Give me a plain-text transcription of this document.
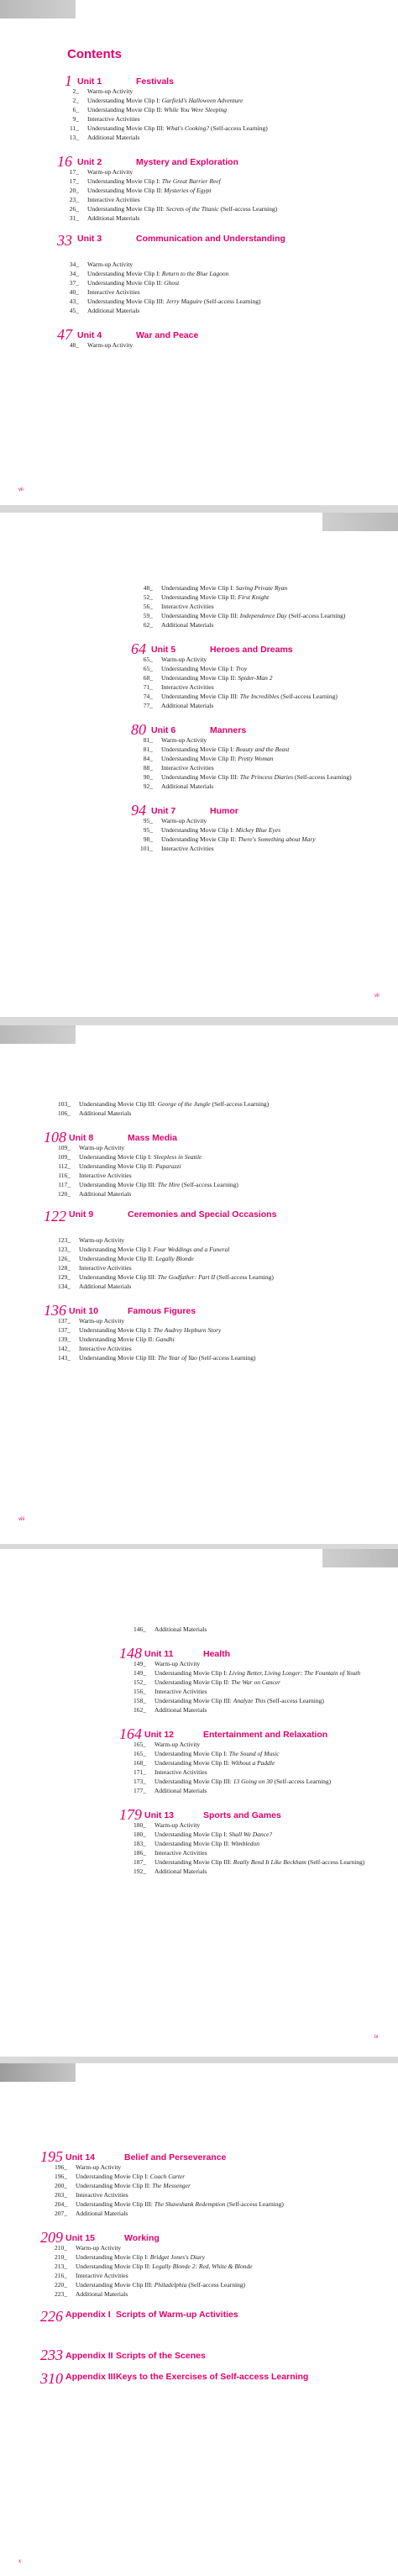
Contents
1 Unit 1	Festivals
2 _	Warm-up Activity
2 _	Understanding Movie Clip I: Garfield's Halloween Adventure
6 _	Understanding Movie Clip II: While You Were Sleeping
9 _	Interactive Activities
11 _	Understanding Movie Clip III: What's Cooking? (Self-access Learning)
13 _	Additional Materials
16 Unit 2	Mystery and Exploration
17 _	Warm-up Activity
17 _	Understanding Movie Clip I: The Great Barrier Reef
20 _	Understanding Movie Clip II: Mysteries of Egypt
23 _	Interactive Activities
26 _	Understanding Movie Clip III: Secrets of the Titanic (Self-access Learning)
31 _	Additional Materials
33 Unit 3	Communication and Understanding
34 _	Warm-up Activity
34 _	Understanding Movie Clip I: Return to the Blue Lagoon
37 _	Understanding Movie Clip II: Ghost
40 _	Interactive Activities
43 _	Understanding Movie Clip III: Jerry Maguire (Self-access Learning)
45 _	Additional Materials
47 Unit 4	War and Peace
48 _	Warm-up Activity
vii
48 _	Understanding Movie Clip I: Saving Private Ryan
52 _	Understanding Movie Clip II: First Knight
56 _	Interactive Activities
59 _	Understanding Movie Clip III: Independence Day (Self-access Learning)
62 _	Additional Materials
64 Unit 5	Heroes and Dreams
65 _	Warm-up Activity
65 _	Understanding Movie Clip I: Troy
68 _	Understanding Movie Clip II: Spider-Man 2
71 _	Interactive Activities
74 _	Understanding Movie Clip III: The Incredibles (Self-access Learning)
77 _	Additional Materials
80 Unit 6	Manners
81 _	Warm-up Activity
81 _	Understanding Movie Clip I: Beauty and the Beast
84 _	Understanding Movie Clip II: Pretty Woman
88 _	Interactive Activities
90 _	Understanding Movie Clip III: The Princess Diaries (Self-access Learning)
92 _	Additional Materials
94 Unit 7	Humor
95 _	Warm-up Activity
95 _	Understanding Movie Clip I: Mickey Blue Eyes
98 _	Understanding Movie Clip II: There's Something about Mary
101 _	Interactive Activities
vii
103 _	Understanding Movie Clip III: George of the Jungle (Self-access Learning)
106 _	Additional Materials
108 Unit 8	Mass Media
109 _	Warm-up Activity
109 _	Understanding Movie Clip I: Sleepless in Seattle
112 _	Understanding Movie Clip II: Paparazzi
116 _	Interactive Activities
117 _	Understanding Movie Clip III: The Hire (Self-access Learning)
120 _	Additional Materials
122 Unit 9	Ceremonies and Special Occasions
123 _	Warm-up Activity
123 _	Understanding Movie Clip I: Four Weddings and a Funeral
126 _	Understanding Movie Clip II: Legally Blonde
128 _	Interactive Activities
129 _	Understanding Movie Clip III: The Godfather: Part II (Self-access Learning)
134 _	Additional Materials
136 Unit 10	Famous Figures
137 _	Warm-up Activity
137 _	Understanding Movie Clip I: The Audrey Hepburn Story
139 _	Understanding Movie Clip II: Gandhi
142 _	Interactive Activities
143 _	Understanding Movie Clip III: The Year of Yao (Self-access Learning)
viii
146 _	Additional Materials
148 Unit 11	Health
149 _	Warm-up Activity
149 _	Understanding Movie Clip I: Living Better, Living Longer: The Fountain of Youth
152 _	Understanding Movie Clip II: The War on Cancer
156 _	Interactive Activities
158 _	Understanding Movie Clip III: Analyze This (Self-access Learning)
162 _	Additional Materials
164 Unit 12	Entertainment and Relaxation
165 _	Warm-up Activity
165 _	Understanding Movie Clip I: The Sound of Music
168 _	Understanding Movie Clip II: Without a Paddle
171 _	Interactive Activities
173 _	Understanding Movie Clip III: 13 Going on 30 (Self-access Learning)
177 _	Additional Materials
179 Unit 13	Sports and Games
180 _	Warm-up Activity
180 _	Understanding Movie Clip I: Shall We Dance?
183 _	Understanding Movie Clip II: Wimbledon
186 _	Interactive Activities
187 _	Understanding Movie Clip III: Really Bend It Like Beckham (Self-access Learning)
192 _	Additional Materials
ix
195 Unit 14	Belief and Perseverance
196 _	Warm-up Activity
196 _	Understanding Movie Clip I: Coach Carter
200 _	Understanding Movie Clip II: The Messenger
203 _	Interactive Activities
204 _	Understanding Movie Clip III: The Shawshank Redemption (Self-access Learning)
207 _	Additional Materials
209 Unit 15	Working
210 _	Warm-up Activity
210 _	Understanding Movie Clip I: Bridget Jones's Diary
213 _	Understanding Movie Clip II: Legally Blonde 2: Red, White & Blonde
216 _	Interactive Activities
220 _	Understanding Movie Clip III: Philadelphia (Self-access Learning)
223 _	Additional Materials
226 Appendix I Scripts of Warm-up Activities
233 Appendix II Scripts of the Scenes
310 Appendix IIIKeys to the Exercises of Self-access Learning
x
